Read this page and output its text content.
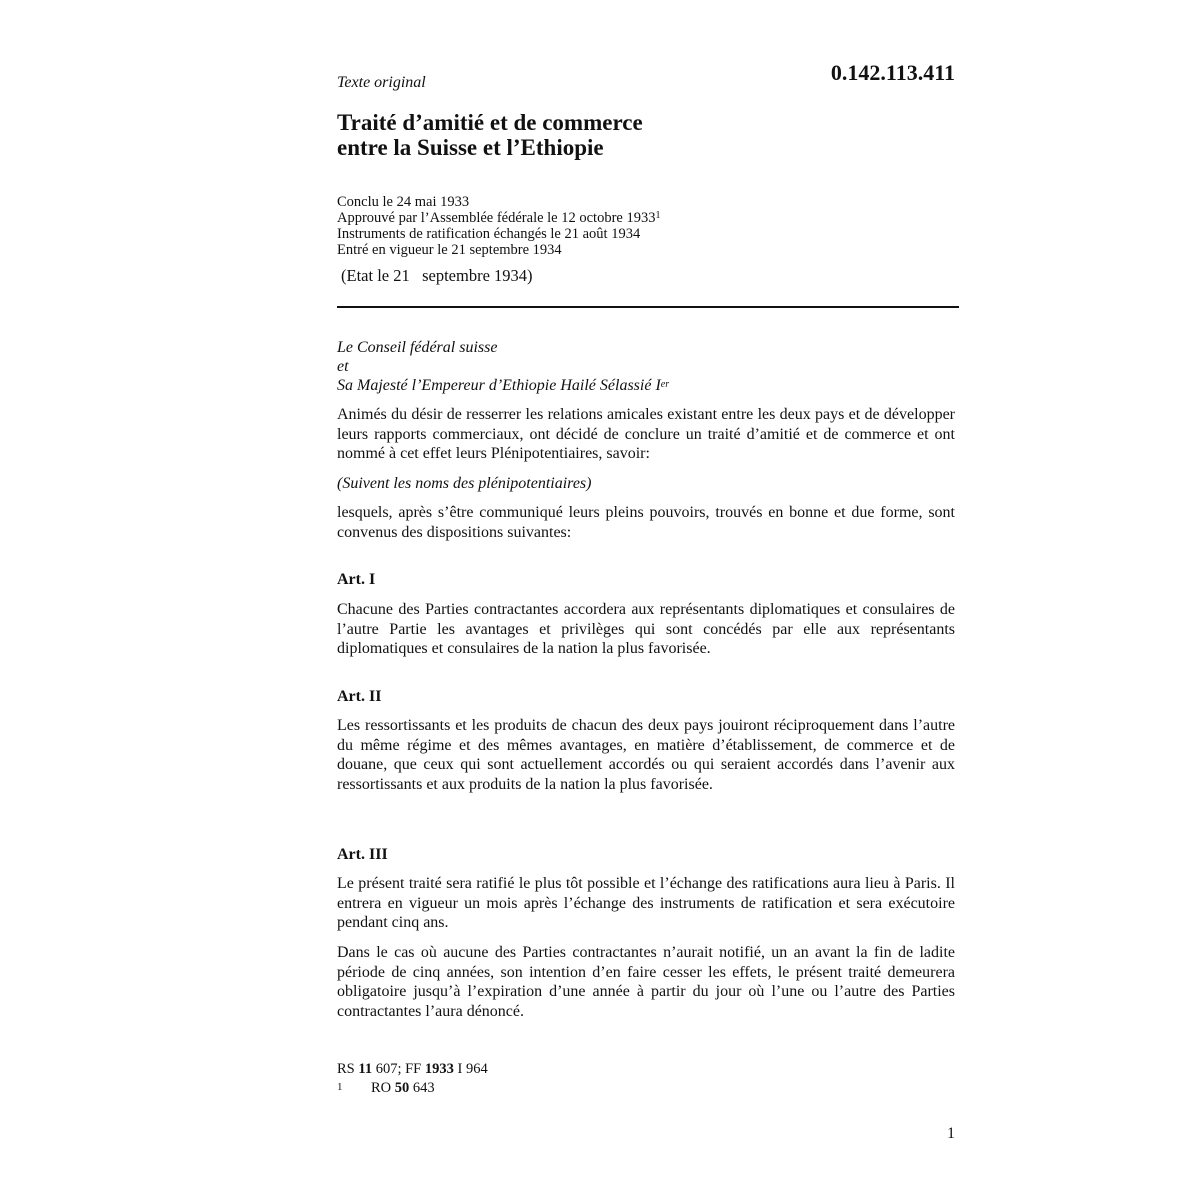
Texte original	0.142.113.411
Traité d’amitié et de commerce
entre la Suisse et l’Ethiopie
Conclu le 24 mai 1933
Approuvé par l’Assemblée fédérale le 12 octobre 1933$^1$
Instruments de ratification échangés le 21 août 1934
Entré en vigueur le 21 septembre 1934
(Etat le 21   septembre 1934)
Le Conseil fédéral suisse
et
Sa Majesté l’Empereur d’Ethiopie Hailé Sélassié Ier
Animés du désir de resserrer les relations amicales existant entre les deux pays et de développer leurs rapports commerciaux, ont décidé de conclure un traité d’amitié et de commerce et ont nommé à cet effet leurs Plénipotentiaires, savoir:
(Suivent les noms des plénipotentiaires)
lesquels, après s’être communiqué leurs pleins pouvoirs, trouvés en bonne et due forme, sont convenus des dispositions suivantes:
Art. I
Chacune des Parties contractantes accordera aux représentants diplomatiques et consulaires de l’autre Partie les avantages et privilèges qui sont concédés par elle aux représentants diplomatiques et consulaires de la nation la plus favorisée.
Art. II
Les ressortissants et les produits de chacun des deux pays jouiront réciproquement dans l’autre du même régime et des mêmes avantages, en matière d’établissement, de commerce et de douane, que ceux qui sont actuellement accordés ou qui seraient accordés dans l’avenir aux ressortissants et aux produits de la nation la plus favorisée.
Art. III
Le présent traité sera ratifié le plus tôt possible et l’échange des ratifications aura lieu à Paris. Il entrera en vigueur un mois après l’échange des instruments de ratification et sera exécutoire pendant cinq ans.
Dans le cas où aucune des Parties contractantes n’aurait notifié, un an avant la fin de ladite période de cinq années, son intention d’en faire cesser les effets, le présent traité demeurera obligatoire jusqu’à l’expiration d’une année à partir du jour où l’une ou l’autre des Parties contractantes l’aura dénoncé.
RS 11 607; FF 1933 I 964
1 RO 50 643
1
